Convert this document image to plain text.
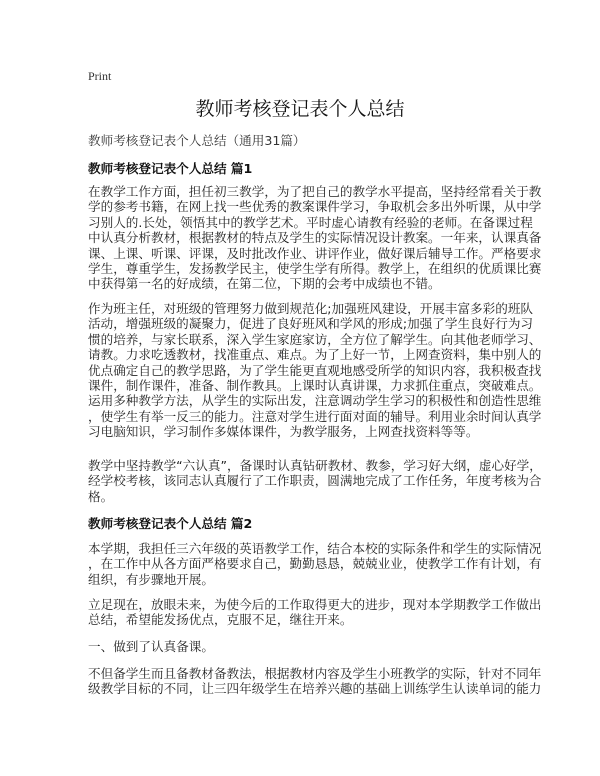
Print
教师考核登记表个人总结
教师考核登记表个人总结（通用31篇）
教师考核登记表个人总结 篇1
在教学工作方面，担任初三教学，为了把自己的教学水平提高，坚持经常看关于教
学的参考书籍，在网上找一些优秀的教案课件学习，争取机会多出外听课，从中学
习别人的.长处，领悟其中的教学艺术。平时虚心请教有经验的老师。在备课过程
中认真分析教材，根据教材的特点及学生的实际情况设计教案。一年来，认课真备
课、上课、听课、评课，及时批改作业、讲评作业，做好课后辅导工作。严格要求
学生，尊重学生，发扬教学民主，使学生学有所得。教学上，在组织的优质课比赛
中获得第一名的好成绩，在第二位，下期的会考中成绩也不错。
作为班主任，对班级的管理努力做到规范化;加强班风建设，开展丰富多彩的班队
活动，增强班级的凝聚力，促进了良好班风和学风的形成;加强了学生良好行为习
惯的培养，与家长联系，深入学生家庭家访，全方位了解学生。向其他老师学习、
请教。力求吃透教材，找准重点、难点。为了上好一节，上网查资料，集中别人的
优点确定自己的教学思路，为了学生能更直观地感受所学的知识内容，我积极查找
课件，制作课件，准备、制作教具。上课时认真讲课，力求抓住重点，突破难点。
运用多种教学方法，从学生的实际出发，注意调动学生学习的积极性和创造性思维
，使学生有举一反三的能力。注意对学生进行面对面的辅导。利用业余时间认真学
习电脑知识，学习制作多媒体课件，为教学服务，上网查找资料等等。
教学中坚持教学“六认真”，备课时认真钻研教材、教参，学习好大纲，虚心好学，
经学校考核，该同志认真履行了工作职责，圆满地完成了工作任务，年度考核为合
格。
教师考核登记表个人总结 篇2
本学期，我担任三六年级的英语教学工作，结合本校的实际条件和学生的实际情况
，在工作中从各方面严格要求自己，勤勤恳恳，兢兢业业，使教学工作有计划，有
组织，有步骤地开展。
立足现在，放眼未来，为使今后的工作取得更大的进步，现对本学期教学工作做出
总结，希望能发扬优点，克服不足，继往开来。
一、做到了认真备课。
不但备学生而且备教材备教法，根据教材内容及学生小班教学的实际，针对不同年
级教学目标的不同，让三四年级学生在培养兴趣的基础上训练学生认读单词的能力
